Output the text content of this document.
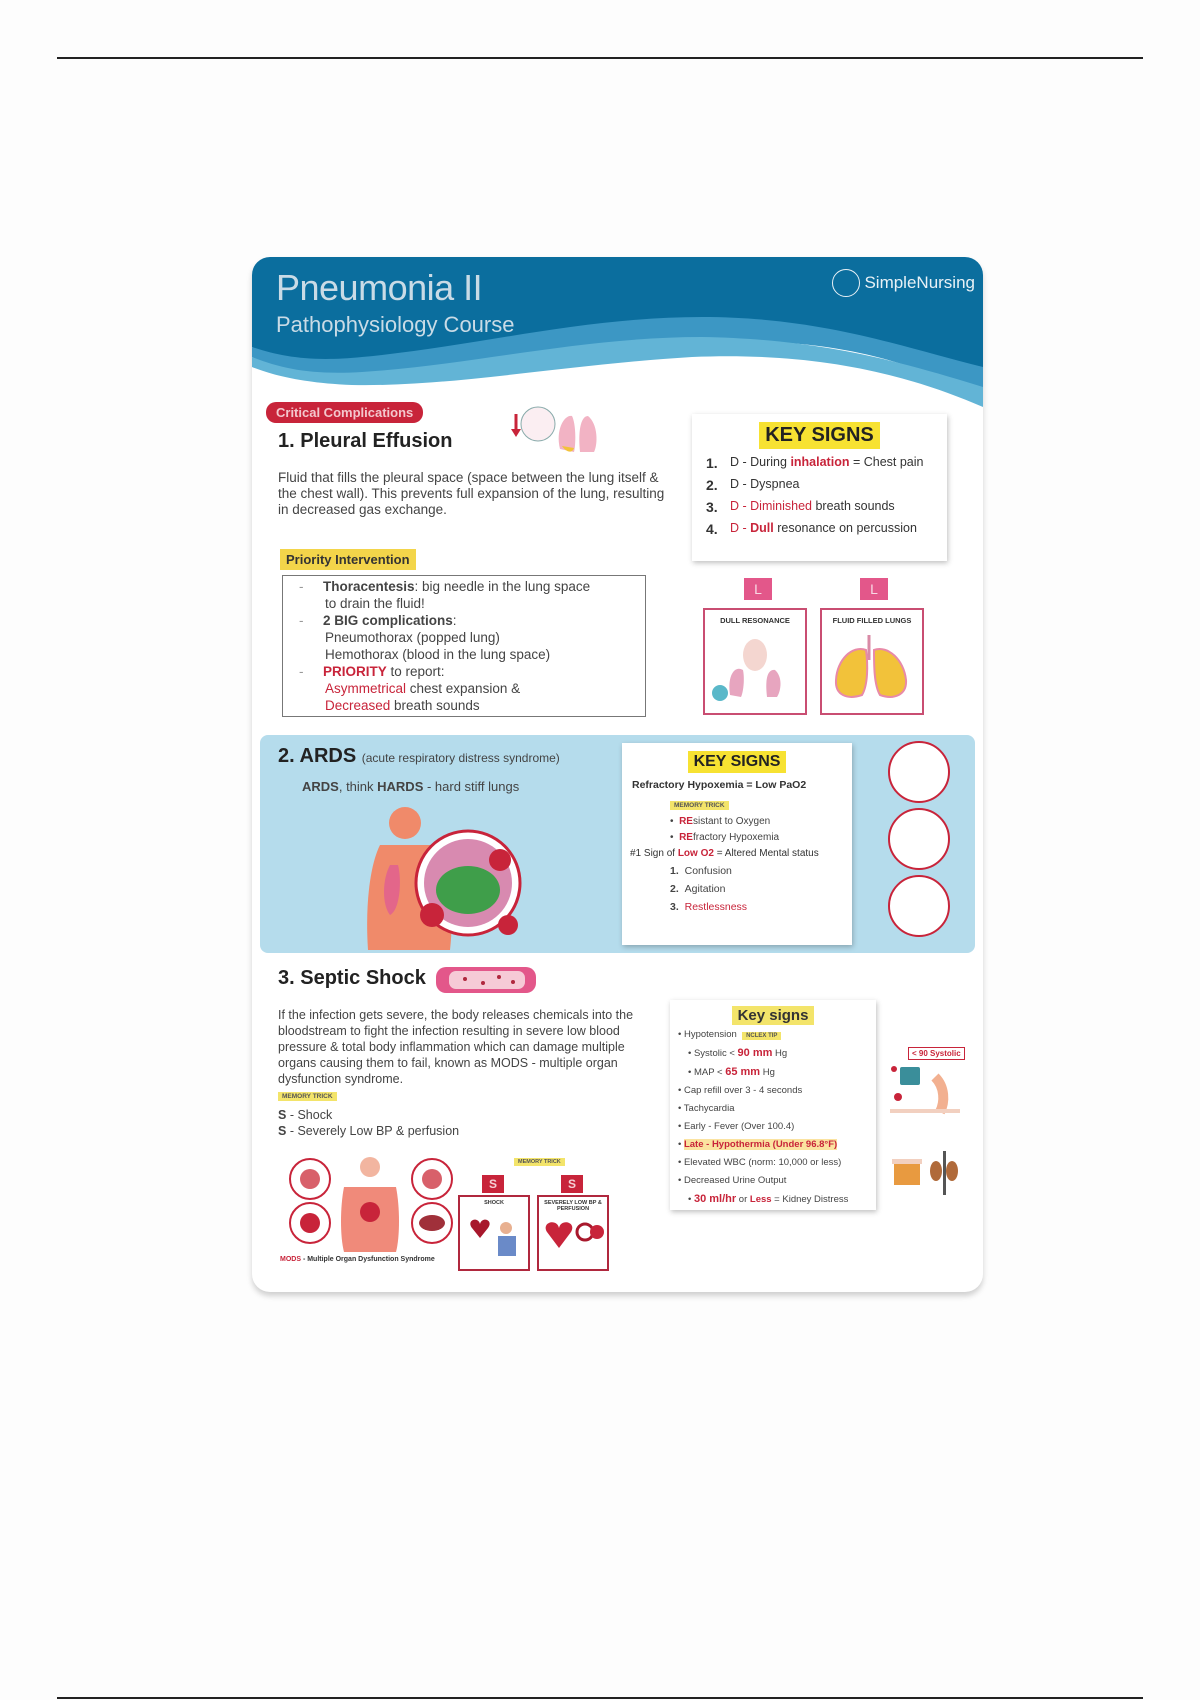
Pneumonia II
Pathophysiology Course
SimpleNursing
Critical Complications
1. Pleural Effusion
Fluid that fills the pleural space (space between the lung itself & the chest wall). This prevents full expansion of the lung, resulting in decreased gas exchange.
Priority Intervention
- Thoracentesis: big needle in the lung space
to drain the fluid!
- 2 BIG complications:
Pneumothorax (popped lung)
Hemothorax (blood in the lung space)
- PRIORITY to report:
Asymmetrical chest expansion &
Decreased breath sounds
KEY SIGNS
1. D - During inhalation = Chest pain
2. D - Dyspnea
3. D - Diminished breath sounds
4. D - Dull resonance on percussion
L
DULL RESONANCE
L
FLUID FILLED LUNGS
2. ARDS (acute respiratory distress syndrome)
ARDS, think HARDS - hard stiff lungs
KEY SIGNS
Refractory Hypoxemia = Low PaO2
MEMORY TRICK
•  REsistant to Oxygen
•  REfractory Hypoxemia
#1 Sign of Low O2 = Altered Mental status
1. Confusion
2. Agitation
3. Restlessness
3. Septic Shock
If the infection gets severe, the body releases chemicals into the bloodstream to fight the infection resulting in severe low blood pressure & total body inflammation which can damage multiple organs causing them to fail, known as MODS - multiple organ dysfunction syndrome.
MEMORY TRICK
S - Shock
S - Severely Low BP & perfusion
MODS - Multiple Organ Dysfunction Syndrome
MEMORY TRICK
S
SHOCK
S
SEVERELY LOW BP & PERFUSION
Key signs
• Hypotension NCLEX TIP
• Systolic < 90 mm Hg
• MAP < 65 mm Hg
• Cap refill over 3 - 4 seconds
• Tachycardia
• Early - Fever (Over 100.4)
• Late - Hypothermia (Under 96.8°F)
• Elevated WBC (norm: 10,000 or less)
• Decreased Urine Output
• 30 ml/hr or Less = Kidney Distress
< 90 Systolic
